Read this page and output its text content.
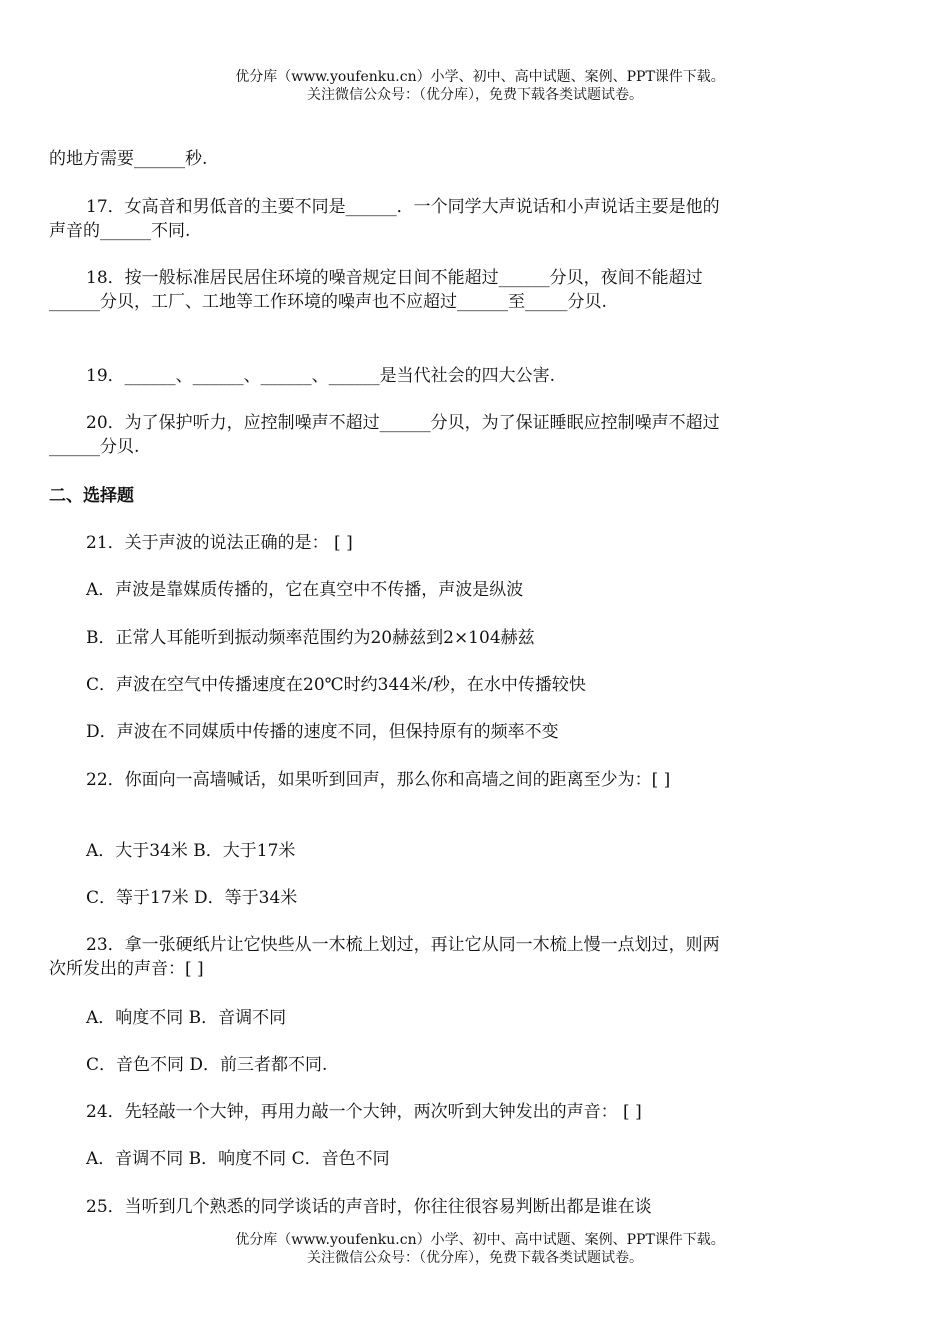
优分库（www.youfenku.cn）小学、初中、高中试题、案例、PPT课件下载。
关注微信公众号：（优分库），免费下载各类试题试卷。
的地方需要______秒.
17．女高音和男低音的主要不同是______．一个同学大声说话和小声说话主要是他的声音的______不同.
18．按一般标准居民居住环境的噪音规定日间不能超过______分贝，夜间不能超过______分贝，工厂、工地等工作环境的噪声也不应超过______至_____分贝.
19．______、______、______、______是当代社会的四大公害.
20．为了保护听力，应控制噪声不超过______分贝，为了保证睡眠应控制噪声不超过______分贝.
二、选择题
21．关于声波的说法正确的是： [ ]
A．声波是靠媒质传播的，它在真空中不传播，声波是纵波
B．正常人耳能听到振动频率范围约为20赫兹到2×104赫兹
C．声波在空气中传播速度在20℃时约344米/秒，在水中传播较快
D．声波在不同媒质中传播的速度不同，但保持原有的频率不变
22．你面向一高墙喊话，如果听到回声，那么你和高墙之间的距离至少为：[ ]
A．大于34米 B．大于17米
C．等于17米 D．等于34米
23．拿一张硬纸片让它快些从一木梳上划过，再让它从同一木梳上慢一点划过，则两次所发出的声音：[ ]
A．响度不同 B．音调不同
C．音色不同 D．前三者都不同.
24．先轻敲一个大钟，再用力敲一个大钟，两次听到大钟发出的声音： [ ]
A．音调不同 B．响度不同 C．音色不同
25．当听到几个熟悉的同学谈话的声音时，你往往很容易判断出都是谁在谈
优分库（www.youfenku.cn）小学、初中、高中试题、案例、PPT课件下载。
关注微信公众号：（优分库），免费下载各类试题试卷。
